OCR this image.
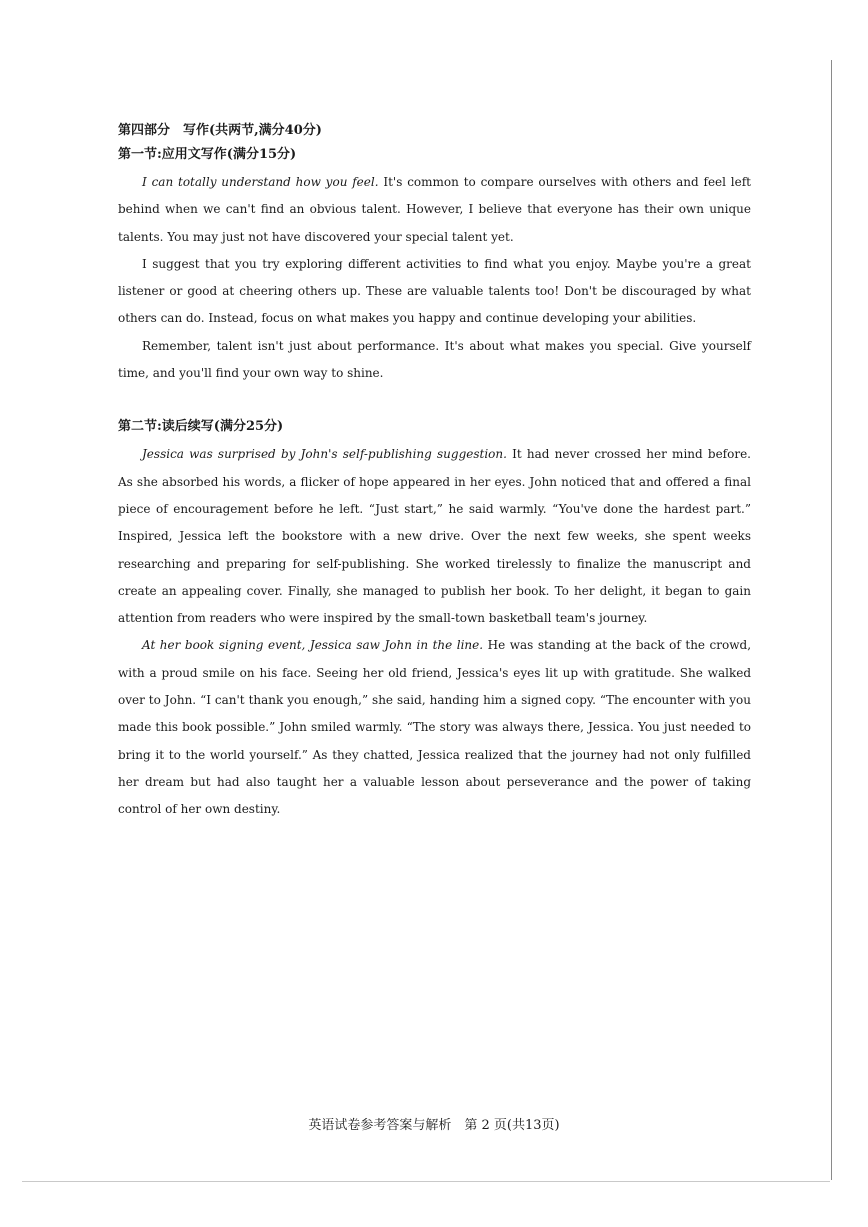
第四部分　写作(共两节,满分40分)
第一节:应用文写作(满分15分)

I can totally understand how you feel. It's common to compare ourselves with others and feel left behind when we can't find an obvious talent. However, I believe that everyone has their own unique talents. You may just not have discovered your special talent yet.

I suggest that you try exploring different activities to find what you enjoy. Maybe you're a great listener or good at cheering others up. These are valuable talents too! Don't be discouraged by what others can do. Instead, focus on what makes you happy and continue developing your abilities.

Remember, talent isn't just about performance. It's about what makes you special. Give yourself time, and you'll find your own way to shine.

第二节:读后续写(满分25分)

Jessica was surprised by John's self-publishing suggestion. It had never crossed her mind before. As she absorbed his words, a flicker of hope appeared in her eyes. John noticed that and offered a final piece of encouragement before he left. “Just start,” he said warmly. “You've done the hardest part.” Inspired, Jessica left the bookstore with a new drive. Over the next few weeks, she spent weeks researching and preparing for self-publishing. She worked tirelessly to finalize the manuscript and create an appealing cover. Finally, she managed to publish her book. To her delight, it began to gain attention from readers who were inspired by the small-town basketball team's journey.

At her book signing event, Jessica saw John in the line. He was standing at the back of the crowd, with a proud smile on his face. Seeing her old friend, Jessica's eyes lit up with gratitude. She walked over to John. “I can't thank you enough,” she said, handing him a signed copy. “The encounter with you made this book possible.” John smiled warmly. “The story was always there, Jessica. You just needed to bring it to the world yourself.” As they chatted, Jessica realized that the journey had not only fulfilled her dream but had also taught her a valuable lesson about perseverance and the power of taking control of her own destiny.

英语试卷参考答案与解析　第 2 页(共13页)
